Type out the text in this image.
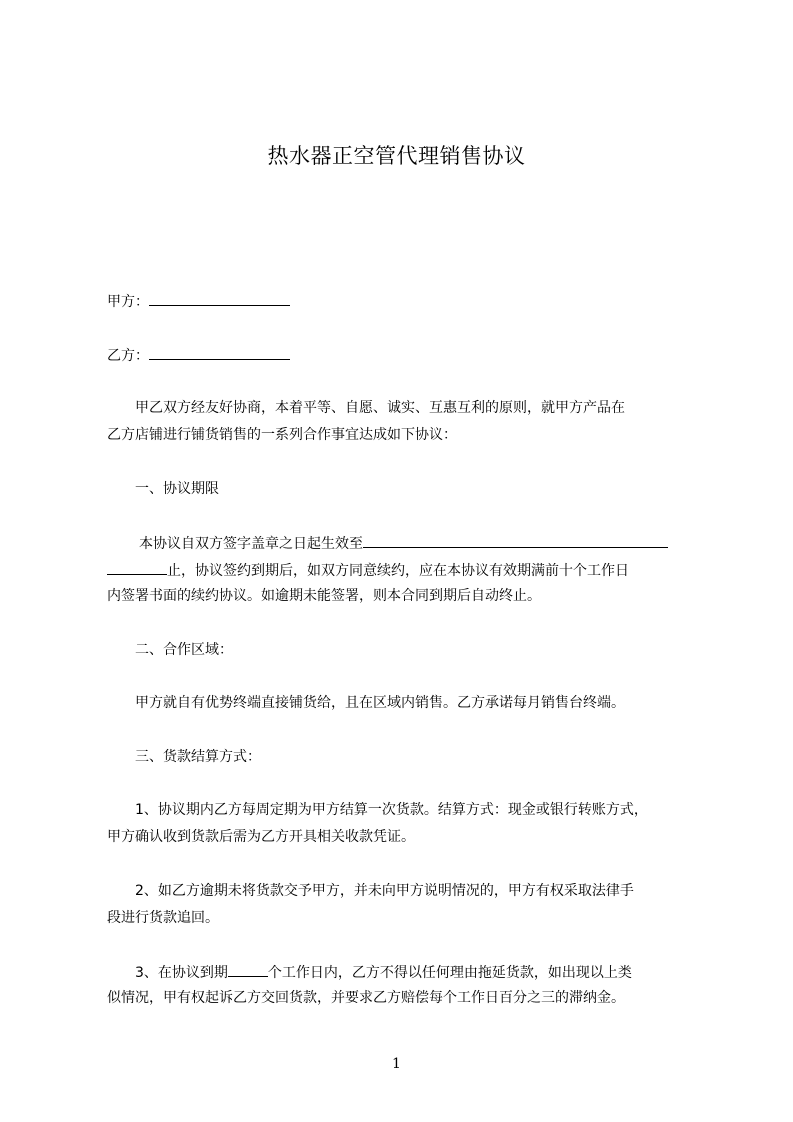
热水器正空管代理销售协议
甲方：
乙方：
甲乙双方经友好协商，本着平等、自愿、诚实、互惠互利的原则，就甲方产品在
乙方店铺进行铺货销售的一系列合作事宜达成如下协议：
一、协议期限
本协议自双方签字盖章之日起生效至
止，协议签约到期后，如双方同意续约，应在本协议有效期满前十个工作日
内签署书面的续约协议。如逾期未能签署，则本合同到期后自动终止。
二、合作区域：
甲方就自有优势终端直接铺货给，且在区域内销售。乙方承诺每月销售台终端。
三、货款结算方式：
1、协议期内乙方每周定期为甲方结算一次货款。结算方式：现金或银行转账方式，
甲方确认收到货款后需为乙方开具相关收款凭证。
2、如乙方逾期未将货款交予甲方，并未向甲方说明情况的，甲方有权采取法律手
段进行货款追回。
3、在协议到期	个工作日内，乙方不得以任何理由拖延货款，如出现以上类
似情况，甲有权起诉乙方交回货款，并要求乙方赔偿每个工作日百分之三的滞纳金。
1
